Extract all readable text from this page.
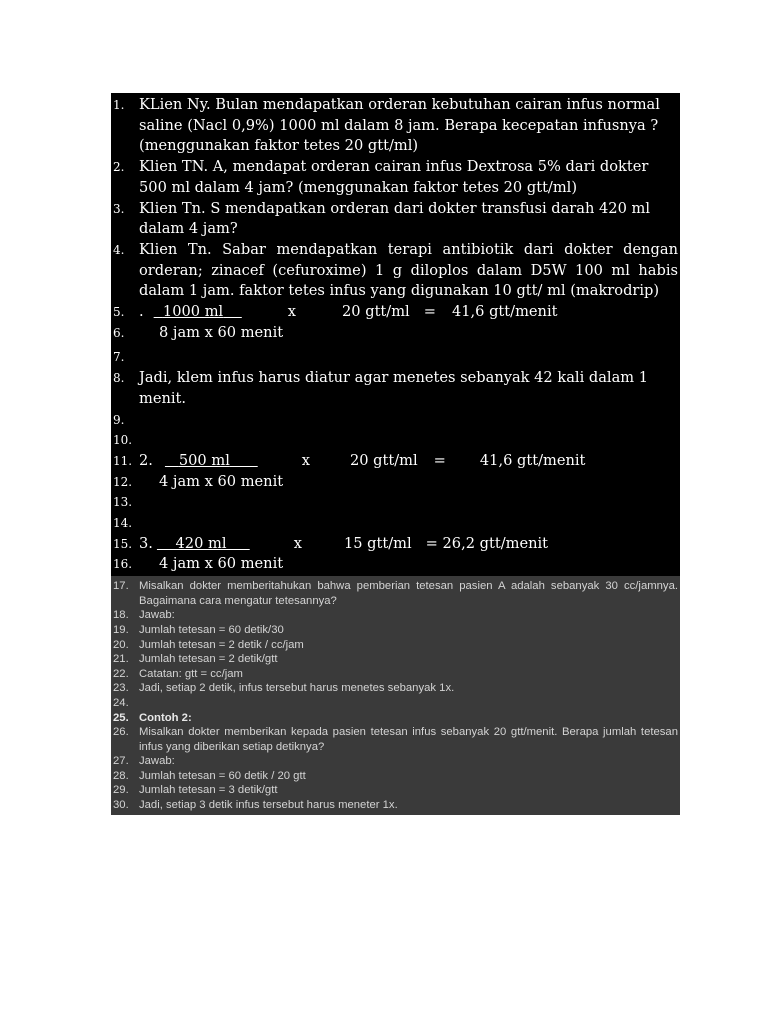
1. KLien Ny. Bulan mendapatkan orderan kebutuhan cairan infus normal saline (Nacl 0,9%) 1000 ml dalam 8 jam. Berapa kecepatan infusnya ? (menggunakan faktor tetes 20 gtt/ml)
2. Klien TN. A, mendapat orderan cairan infus Dextrosa 5% dari dokter 500 ml dalam 4 jam? (menggunakan faktor tetes 20 gtt/ml)
3. Klien Tn. S mendapatkan orderan dari dokter transfusi darah 420 ml dalam 4 jam?
4. Klien Tn. Sabar mendapatkan terapi antibiotik dari dokter dengan orderan; zinacef (cefuroxime) 1 g diloplos dalam D5W 100 ml habis dalam 1 jam. faktor tetes infus yang digunakan 10 gtt/ ml (makrodrip)
5. .	1000 ml	x	20 gtt/ml = 41,6 gtt/menit
6.	8 jam x 60 menit
7.
8. Jadi, klem infus harus diatur agar menetes sebanyak 42 kali dalam 1 menit.
9.
10.
11. 2.	500 ml	x	20 gtt/ml = 41,6 gtt/menit
12.	4 jam x 60 menit
13.
14.
15. 3.	420 ml	x	15 gtt/ml = 26,2 gtt/menit
16.	4 jam x 60 menit
17. Misalkan dokter memberitahukan bahwa pemberian tetesan pasien A adalah sebanyak 30 cc/jamnya. Bagaimana cara mengatur tetesannya?
18. Jawab:
19. Jumlah tetesan = 60 detik/30
20. Jumlah tetesan = 2 detik / cc/jam
21. Jumlah tetesan = 2 detik/gtt
22. Catatan: gtt = cc/jam
23. Jadi, setiap 2 detik, infus tersebut harus menetes sebanyak 1x.
24.
25. Contoh 2:
26. Misalkan dokter memberikan kepada pasien tetesan infus sebanyak 20 gtt/menit. Berapa jumlah tetesan infus yang diberikan setiap detiknya?
27. Jawab:
28. Jumlah tetesan = 60 detik / 20 gtt
29. Jumlah tetesan = 3 detik/gtt
30. Jadi, setiap 3 detik infus tersebut harus meneter 1x.
